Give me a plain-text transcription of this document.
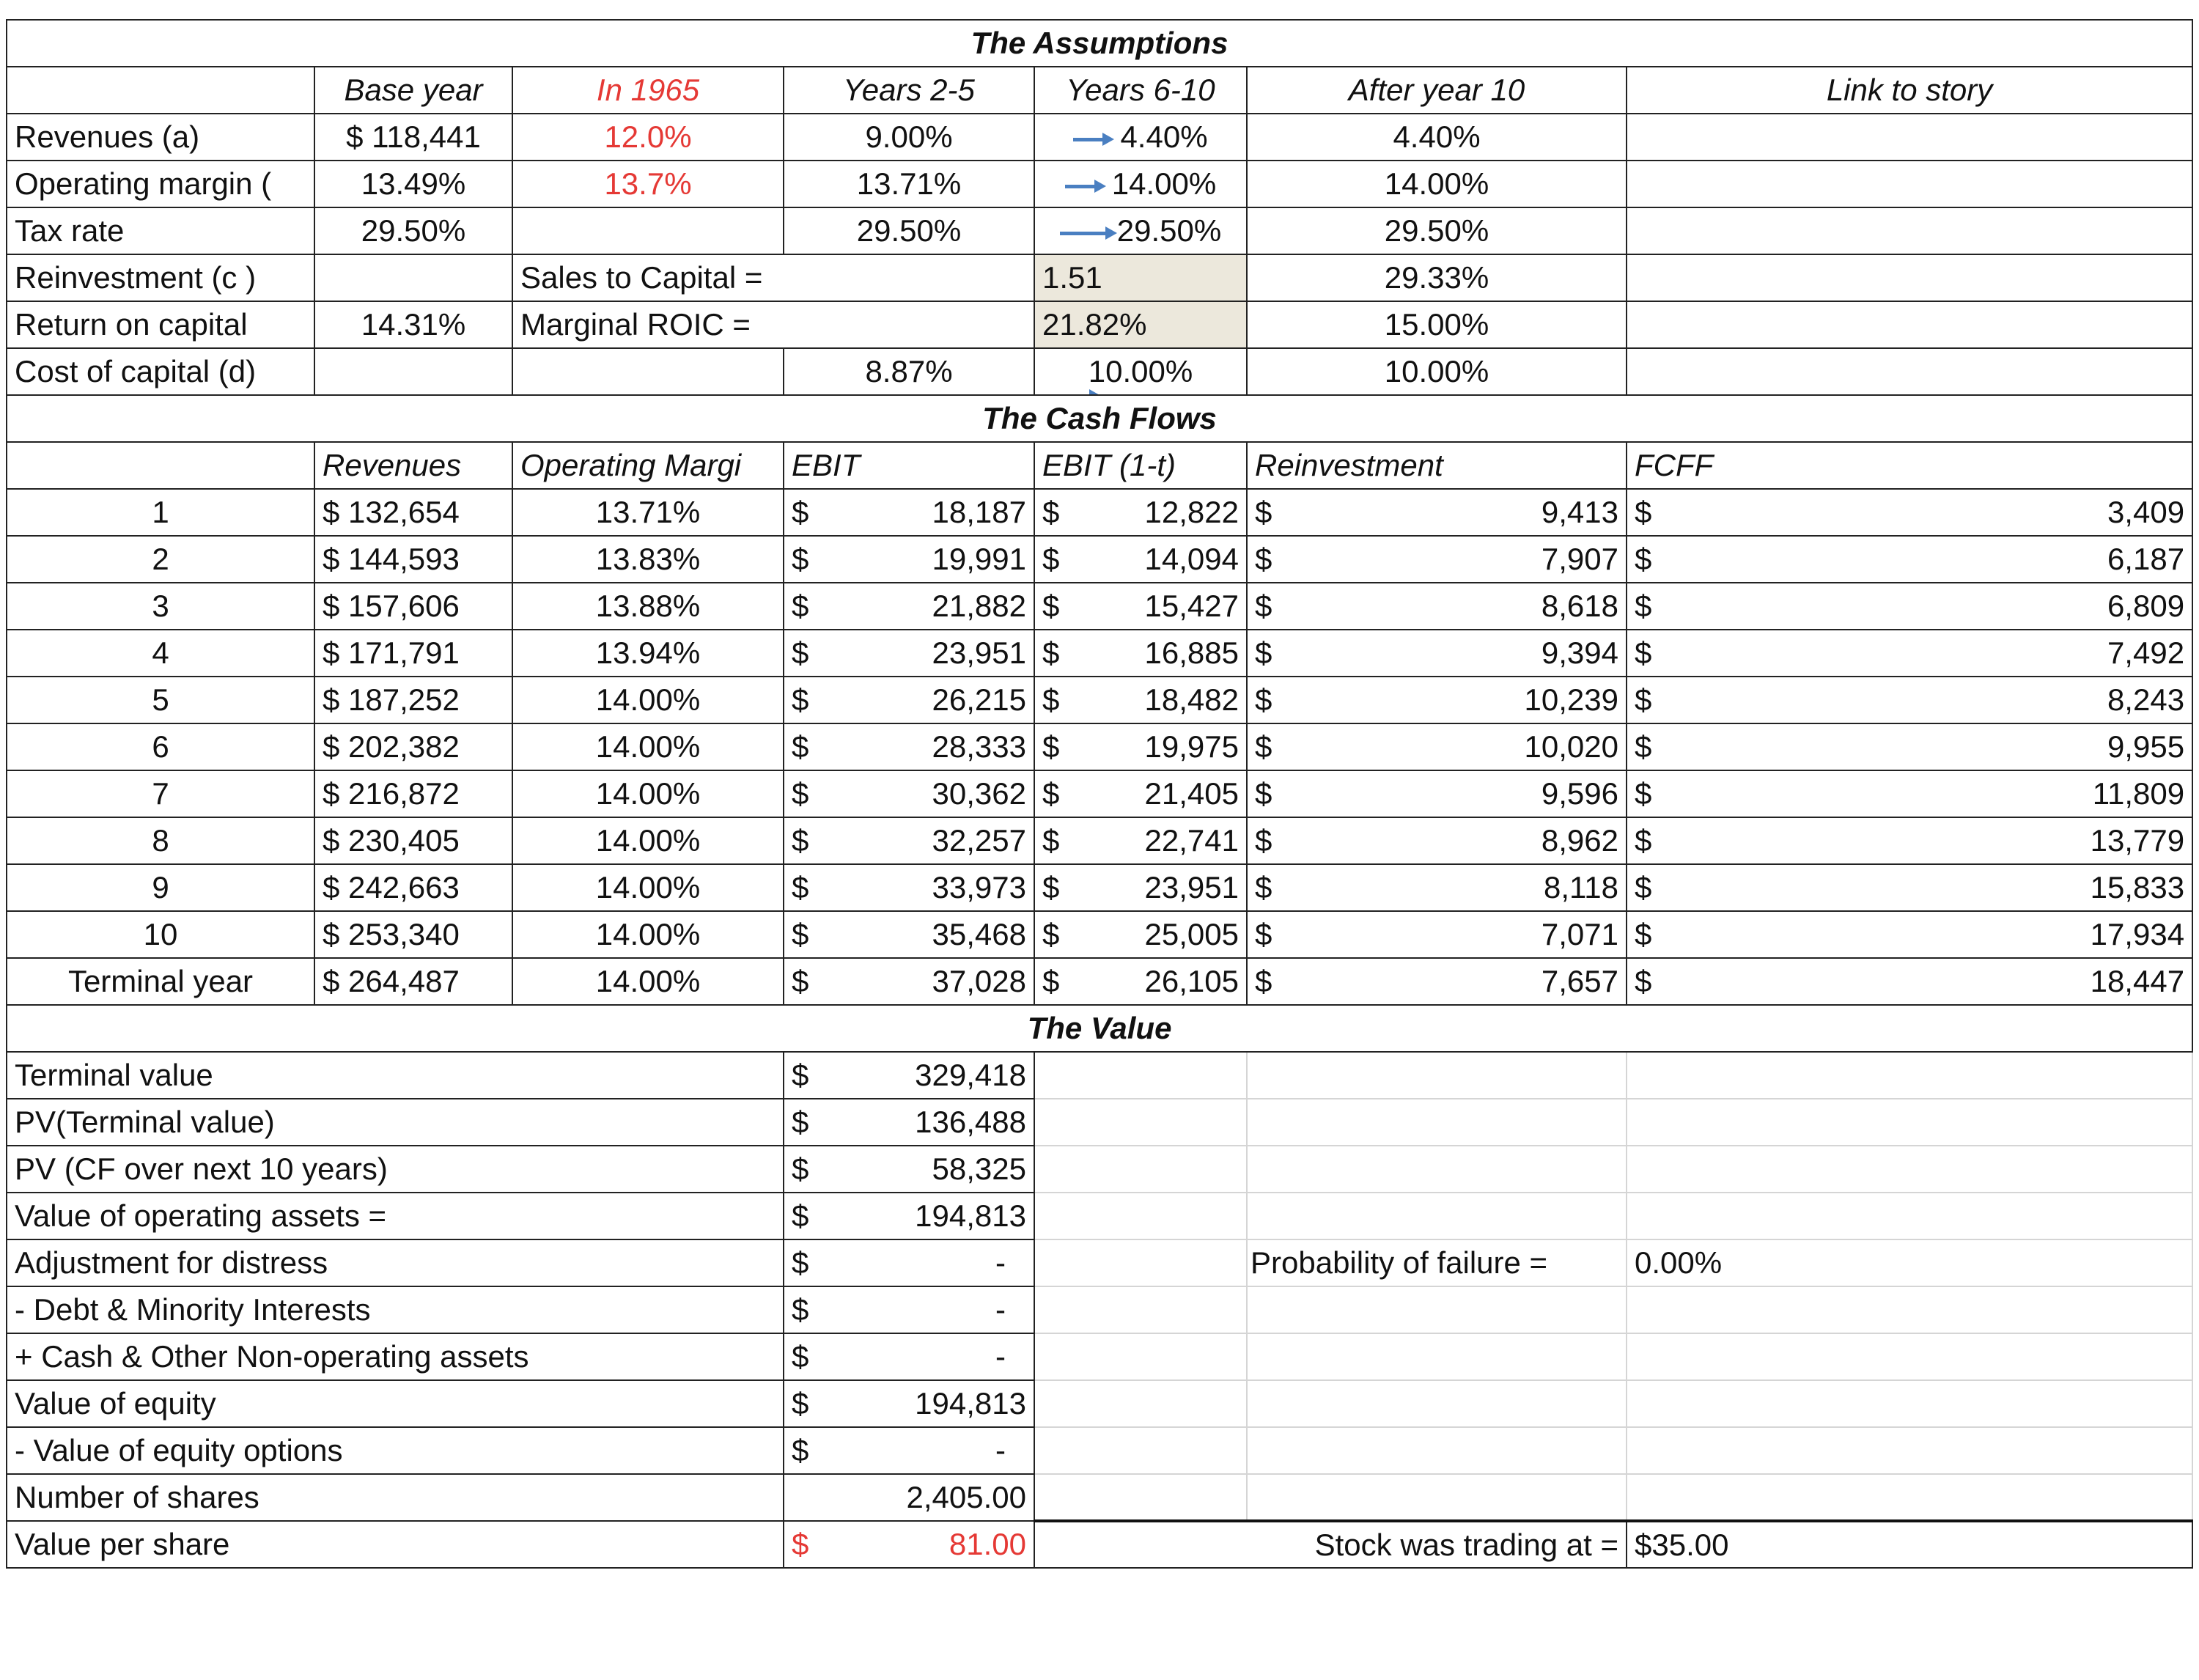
The Assumptions						
	Base year	In 1965	Years 2-5	Years 6-10	After year 10	Link to story
Revenues (a)	$ 118,441	12.0%	9.00%	4.40%	4.40%	
Operating margin (	13.49%	13.7%	13.71%	14.00%	14.00%	
Tax rate	29.50%		29.50%	29.50%	29.50%	
Reinvestment (c )		Sales to Capital =		1.51	29.33%	
Return on capital	14.31%	Marginal ROIC =		21.82%	15.00%	
Cost of capital (d)			8.87%	10.00%	10.00%	
The Cash Flows						
	Revenues	Operating Margi	EBIT	EBIT (1-t)	Reinvestment	FCFF
1	$ 132,654	13.71%	$ 18,187	$ 12,822	$ 9,413	$ 3,409

2	$ 144,593	13.83%	$ 19,991	$ 14,094	$ 7,907	$ 6,187

3	$ 157,606	13.88%	$ 21,882	$ 15,427	$ 8,618	$ 6,809

4	$ 171,791	13.94%	$ 23,951	$ 16,885	$ 9,394	$ 7,492

5	$ 187,252	14.00%	$ 26,215	$ 18,482	$ 10,239	$ 8,243

6	$ 202,382	14.00%	$ 28,333	$ 19,975	$ 10,020	$ 9,955

7	$ 216,872	14.00%	$ 30,362	$ 21,405	$ 9,596	$ 11,809

8	$ 230,405	14.00%	$ 32,257	$ 22,741	$ 8,962	$ 13,779

9	$ 242,663	14.00%	$ 33,973	$ 23,951	$ 8,118	$ 15,833

10	$ 253,340	14.00%	$ 35,468	$ 25,005	$ 7,071	$ 17,934

Terminal year	$ 264,487	14.00%	$ 37,028	$ 26,105	$ 7,657	$ 18,447

The Value						
Terminal value			$ 329,418			

PV(Terminal value)			$ 136,488			

PV (CF over next 10 years)			$ 58,325			

Value of operating assets =			$ 194,813			

Adjustment for distress			$ -		Probability of failure =	0.00%
- Debt & Minority Interests			$ -			

+ Cash & Other Non-operating assets			$ -			

Value of equity			$ 194,813			

- Value of equity options			$ -			

Number of shares			2,405.00			
Value per share			$ 81.00	Stock was trading at =		$35.00
